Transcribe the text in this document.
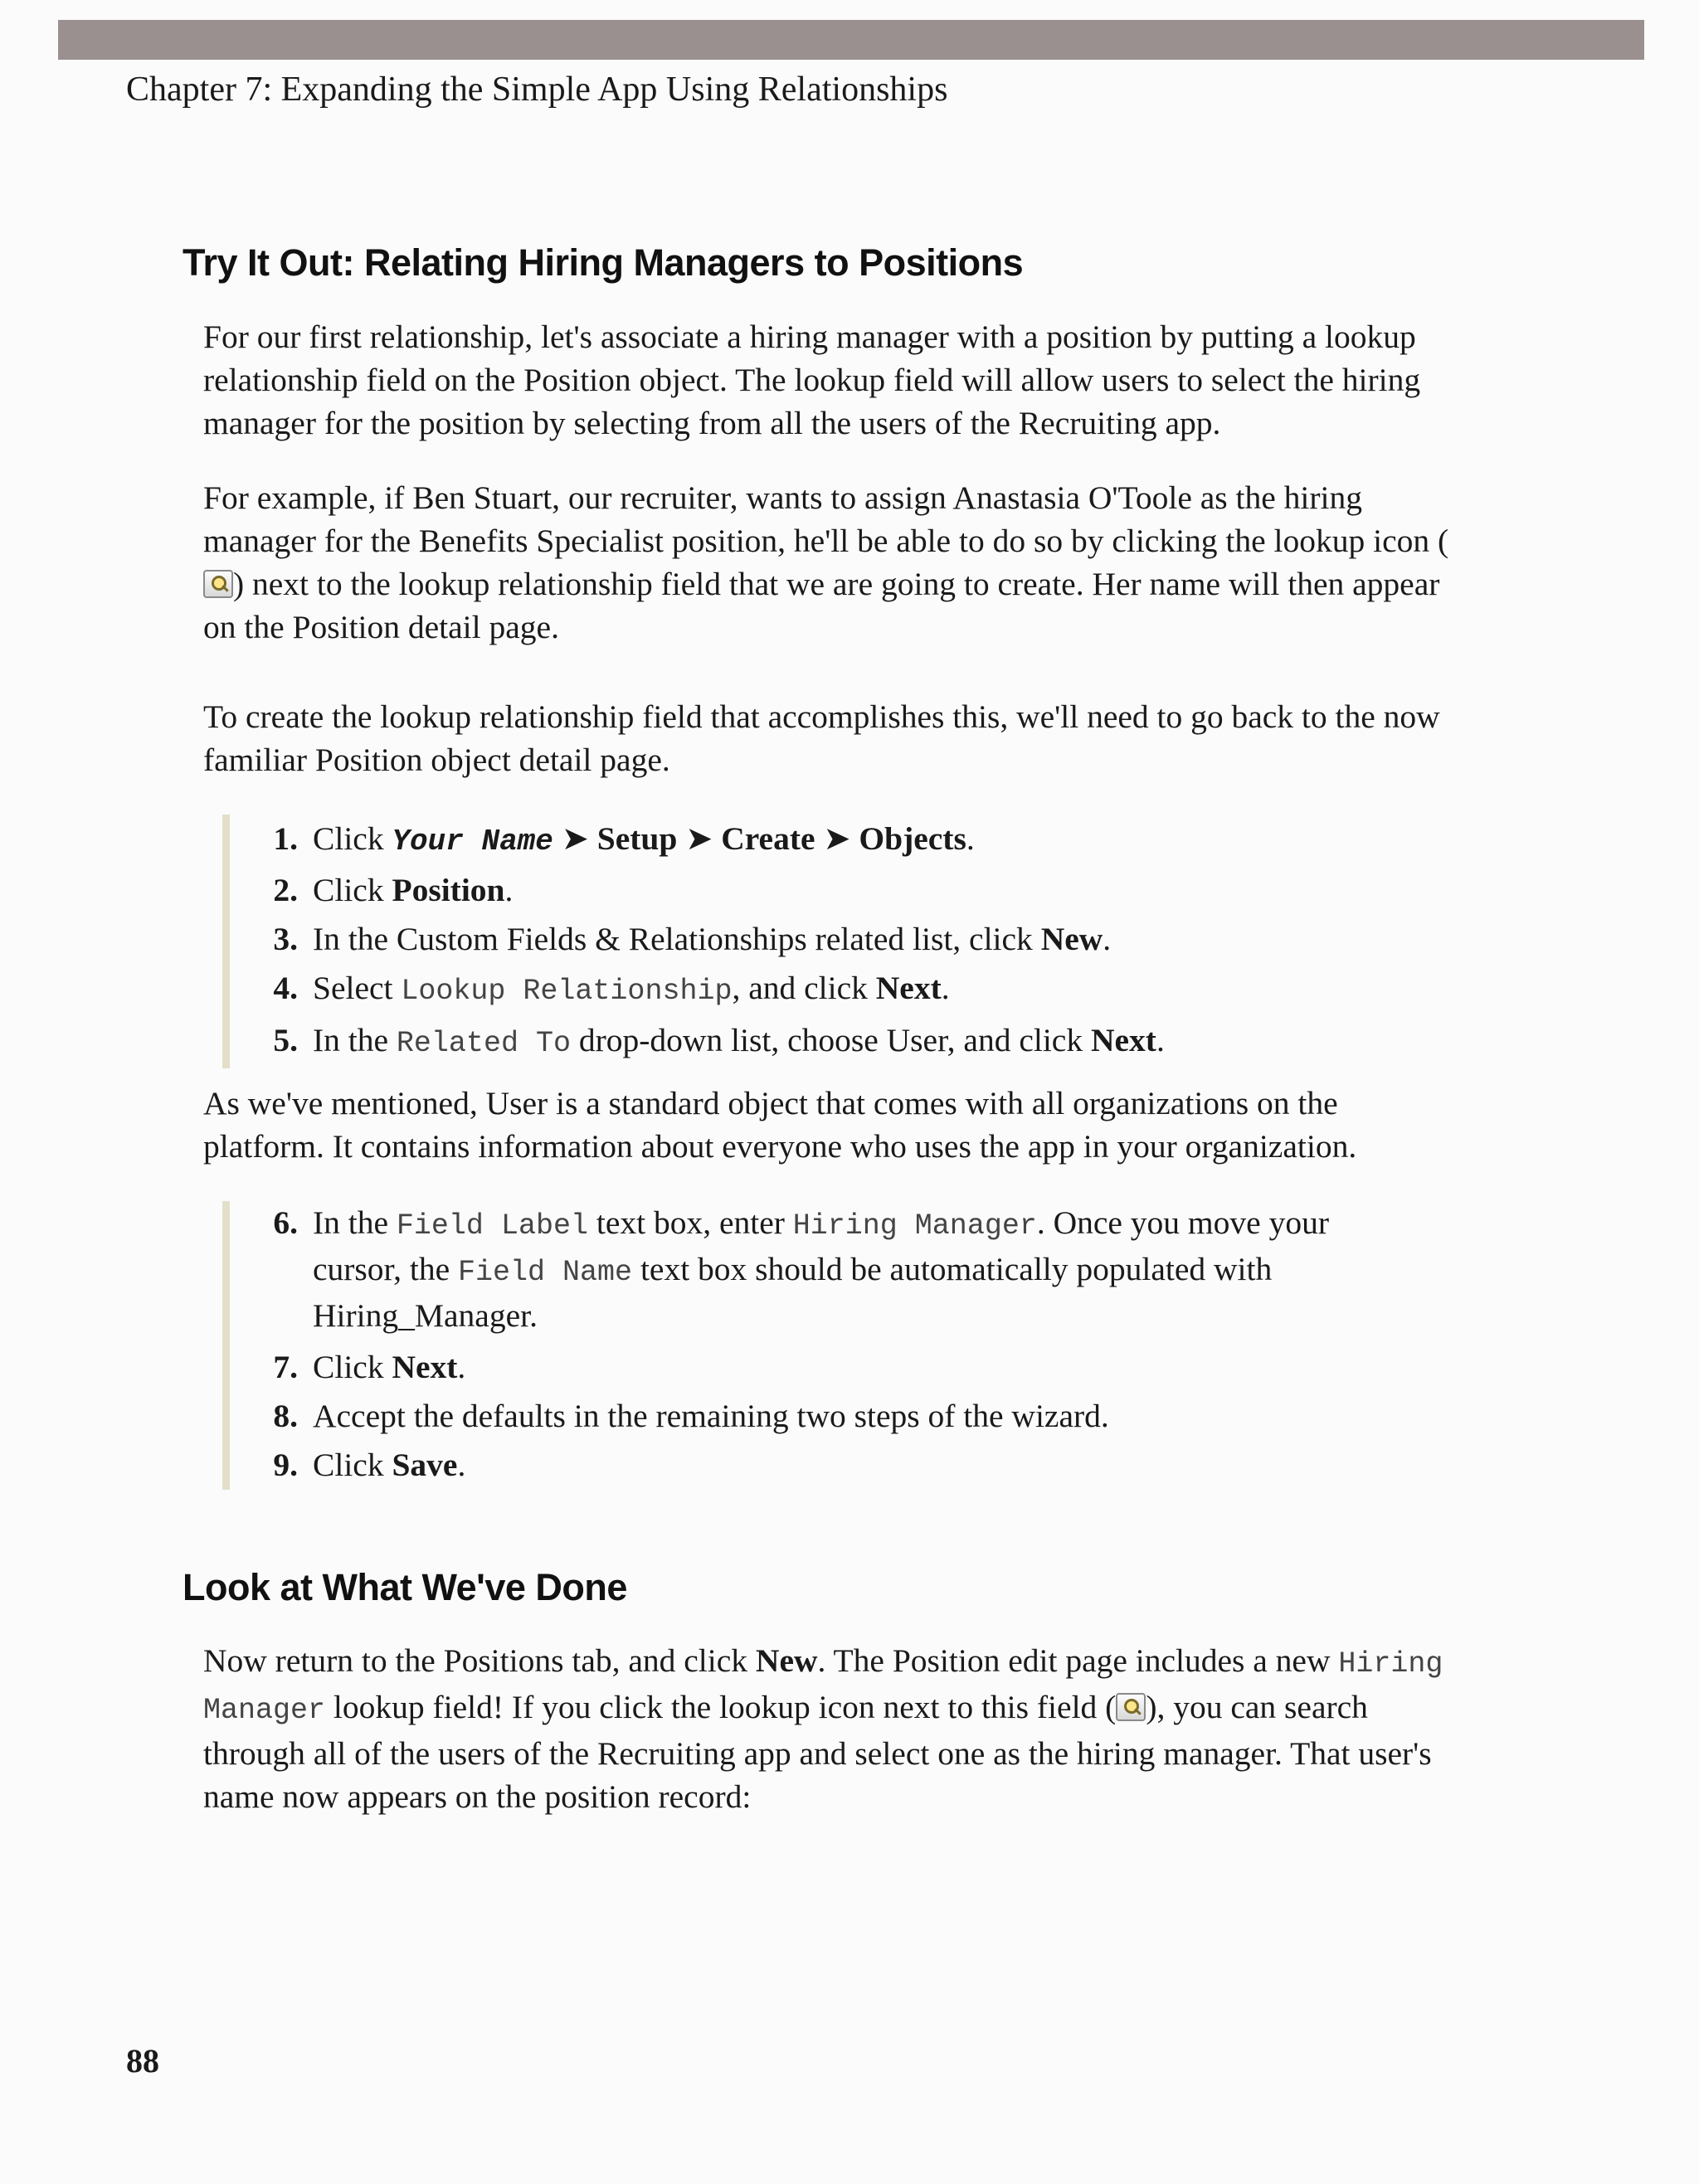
Chapter 7: Expanding the Simple App Using Relationships
Try It Out: Relating Hiring Managers to Positions

For our first relationship, let's associate a hiring manager with a position by putting a lookup relationship field on the Position object. The lookup field will allow users to select the hiring manager for the position by selecting from all the users of the Recruiting app.

For example, if Ben Stuart, our recruiter, wants to assign Anastasia O'Toole as the hiring manager for the Benefits Specialist position, he'll be able to do so by clicking the lookup icon (
) next to the lookup relationship field that we are going to create. Her name will then appear on the Position detail page.

To create the lookup relationship field that accomplishes this, we'll need to go back to the now familiar Position object detail page.

1. Click Your Name ➤ Setup ➤ Create ➤ Objects.
2. Click Position.
3. In the Custom Fields & Relationships related list, click New.
4. Select Lookup Relationship, and click Next.
5. In the Related To drop-down list, choose User, and click Next.

As we've mentioned, User is a standard object that comes with all organizations on the platform. It contains information about everyone who uses the app in your organization.

6. In the Field Label text box, enter Hiring Manager. Once you move your cursor, the Field Name text box should be automatically populated with Hiring_Manager.
7. Click Next.
8. Accept the defaults in the remaining two steps of the wizard.
9. Click Save.
Look at What We've Done

Now return to the Positions tab, and click New. The Position edit page includes a new Hiring Manager lookup field! If you click the lookup icon next to this field ( ), you can search through all of the users of the Recruiting app and select one as the hiring manager. That user's name now appears on the position record:

88
